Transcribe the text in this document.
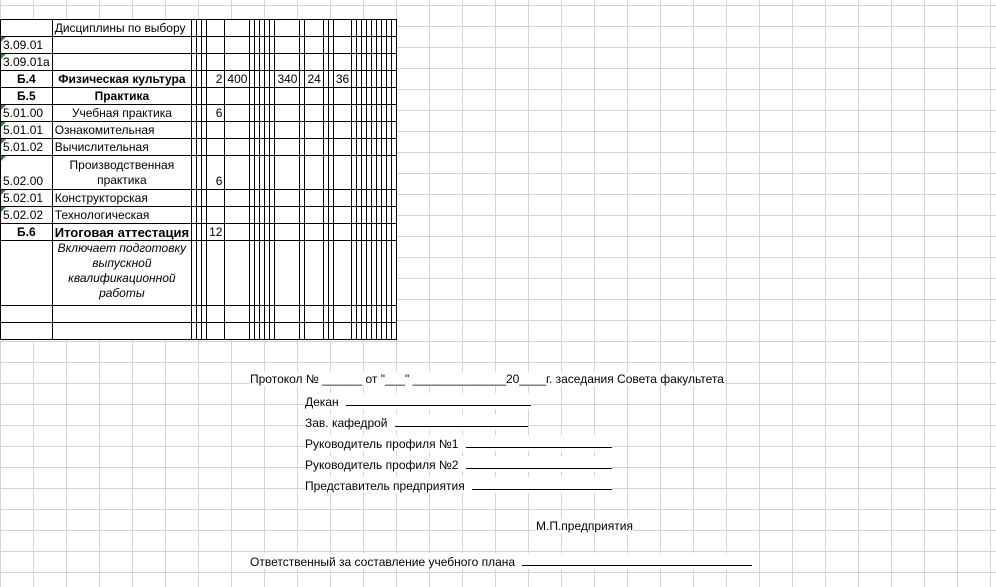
	Дисциплины по выбору																									
3.09.01																										
3.09.01а																										
Б.4	Физическая культура				2	400						340		24			36									
Б.5	Практика																									
5.01.00	Учебная практика				6																					
5.01.01	Ознакомительная																									
5.01.02	Вычислительная																									
5.02.00	Производственная практика				6																					
5.02.01	Конструкторская																									
5.02.02	Технологическая																									
Б.6	Итоговая аттестация				12																					
	Включает подготовку выпускной квалификационной работы																									

Протокол № ______ от "___" ______________20____г. заседания Совета факультета
Декан
Зав. кафедрой
Руководитель профиля №1
Руководитель профиля №2
Представитель предприятия
М.П.предприятия
Ответственный за составление учебного плана
